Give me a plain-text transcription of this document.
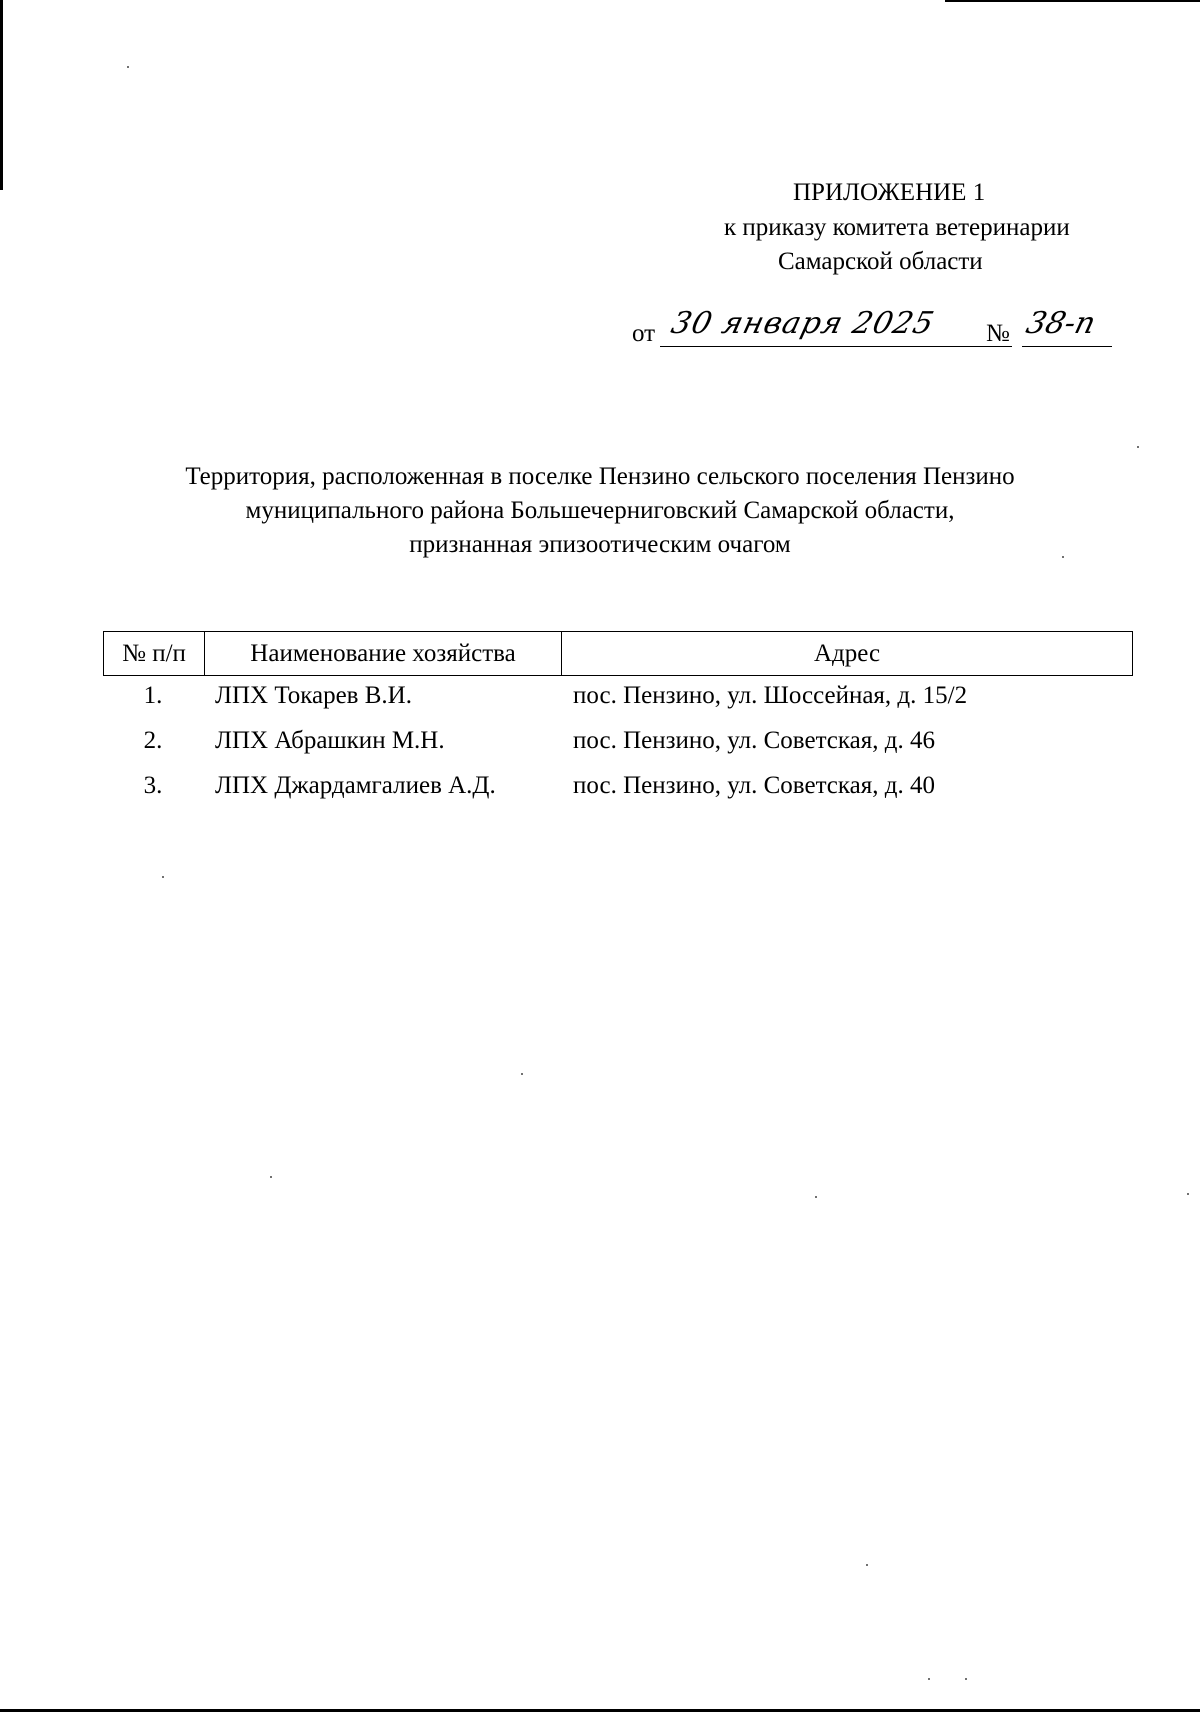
ПРИЛОЖЕНИЕ 1
к приказу комитета ветеринарии
Самарской области
от 30 января 2025 № 38-п
Территория, расположенная в поселке Пензино сельского поселения Пензино
муниципального района Большечерниговский Самарской области,
признанная эпизоотическим очагом
№ п/п	Наименование хозяйства	Адрес
1.	ЛПХ Токарев В.И.	пос. Пензино, ул. Шоссейная, д. 15/2
2.	ЛПХ Абрашкин М.Н.	пос. Пензино, ул. Советская, д. 46
3.	ЛПХ Джардамгалиев А.Д.	пос. Пензино, ул. Советская, д. 40
